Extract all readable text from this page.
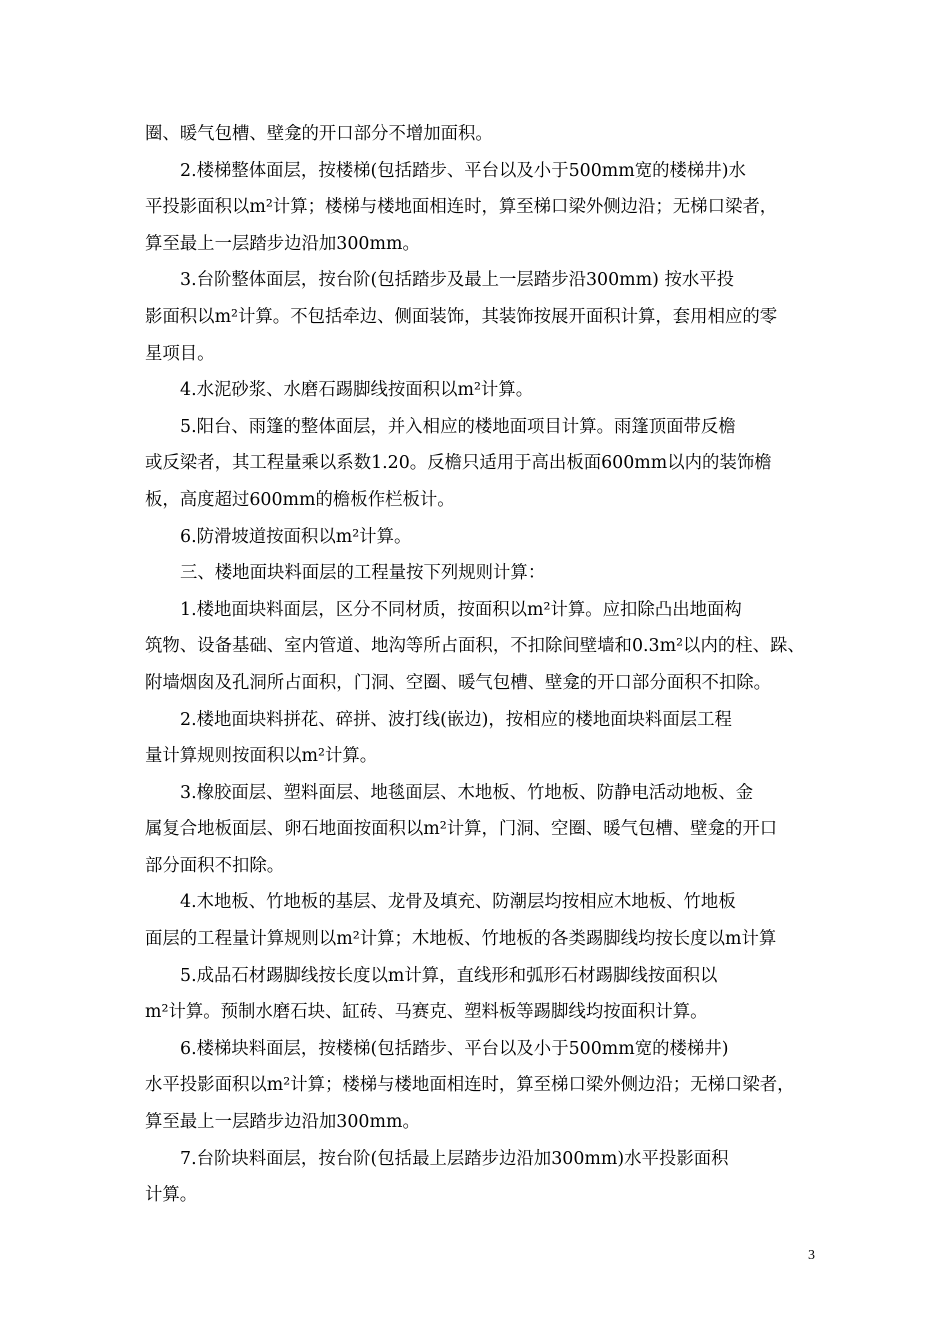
圈、暖气包槽、壁龛的开口部分不增加面积。
2.楼梯整体面层，按楼梯(包括踏步、平台以及小于500mm宽的楼梯井)水
平投影面积以m²计算；楼梯与楼地面相连时，算至梯口梁外侧边沿；无梯口梁者，
算至最上一层踏步边沿加300mm。
3.台阶整体面层，按台阶(包括踏步及最上一层踏步沿300mm) 按水平投
影面积以m²计算。不包括牵边、侧面装饰，其装饰按展开面积计算，套用相应的零
星项目。
4.水泥砂浆、水磨石踢脚线按面积以m²计算。
5.阳台、雨篷的整体面层，并入相应的楼地面项目计算。雨篷顶面带反檐
或反梁者，其工程量乘以系数1.20。反檐只适用于高出板面600mm以内的装饰檐
板，高度超过600mm的檐板作栏板计。
6.防滑坡道按面积以m²计算。
三、楼地面块料面层的工程量按下列规则计算：
1.楼地面块料面层，区分不同材质，按面积以m²计算。应扣除凸出地面构
筑物、设备基础、室内管道、地沟等所占面积，不扣除间壁墙和0.3m²以内的柱、跺、
附墙烟囱及孔洞所占面积，门洞、空圈、暖气包槽、壁龛的开口部分面积不扣除。
2.楼地面块料拼花、碎拼、波打线(嵌边)，按相应的楼地面块料面层工程
量计算规则按面积以m²计算。
3.橡胶面层、塑料面层、地毯面层、木地板、竹地板、防静电活动地板、金
属复合地板面层、卵石地面按面积以m²计算，门洞、空圈、暖气包槽、壁龛的开口
部分面积不扣除。
4.木地板、竹地板的基层、龙骨及填充、防潮层均按相应木地板、竹地板
面层的工程量计算规则以m²计算；木地板、竹地板的各类踢脚线均按长度以m计算
5.成品石材踢脚线按长度以m计算，直线形和弧形石材踢脚线按面积以
m²计算。预制水磨石块、缸砖、马赛克、塑料板等踢脚线均按面积计算。
6.楼梯块料面层，按楼梯(包括踏步、平台以及小于500mm宽的楼梯井)
水平投影面积以m²计算；楼梯与楼地面相连时，算至梯口梁外侧边沿；无梯口梁者，
算至最上一层踏步边沿加300mm。
7.台阶块料面层，按台阶(包括最上层踏步边沿加300mm)水平投影面积
计算。
3
